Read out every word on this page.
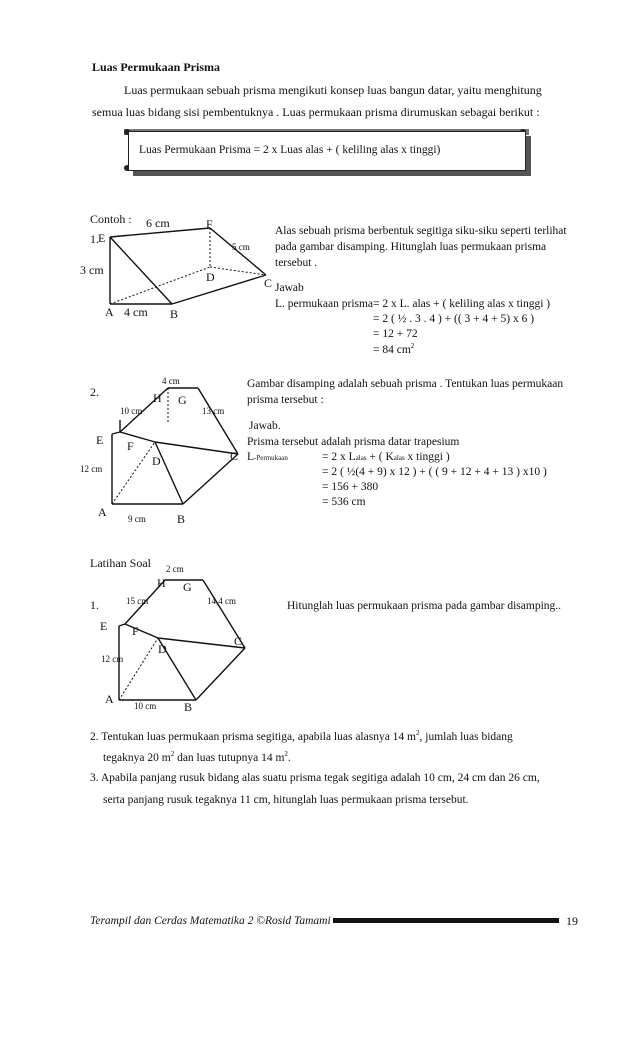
Luas Permukaan Prisma
Luas permukaan sebuah prisma mengikuti konsep luas bangun datar, yaitu menghitung
semua luas bidang sisi pembentuknya . Luas permukaan prisma dirumuskan sebagai berikut :
Luas Permukaan Prisma = 2 x Luas alas + ( keliling alas x tinggi)
Contoh :
1. E
F
D	C
A	B
6 cm
5 cm
3 cm
4 cm
Alas sebuah prisma berbentuk segitiga siku-siku seperti terlihat
pada gambar disamping. Hitunglah luas permukaan prisma
tersebut .
Jawab
L. permukaan prisma = 2 x L. alas + ( keliling alas x tinggi )
= 2 ( ½ . 3 . 4 ) + (( 3 + 4 + 5) x 6 )
= 12 + 72
= 84 $cm^2$
2.	H G
E F
D	C
A	B
4 cm
10 cm	13 cm
12 cm
9 cm
Gambar disamping adalah sebuah prisma . Tentukan luas permukaan
prisma tersebut :
Jawab.
Prisma tersebut adalah prisma datar trapesium
L-Permukaan	= 2 x Lalas + ( Kalas x tinggi )
= 2 ( ½(4 + 9) x 12 ) + ( ( 9 + 12 + 4 + 13 ) x10 )
= 156 + 380
= 536 cm
Latihan Soal
1.
H G
E F
D
C
A
B
2 cm
15 cm	14,4 cm
12 cm
10 cm
Hitunglah luas permukaan prisma pada gambar disamping..
2. Tentukan luas permukaan prisma segitiga, apabila luas alasnya 14 $m^2$, jumlah luas bidang
tegaknya 20 $m^2$ dan luas tutupnya 14 $m^2$.
3. Apabila panjang rusuk bidang alas suatu prisma tegak segitiga adalah 10 cm, 24 cm dan 26 cm,
serta panjang rusuk tegaknya 11 cm, hitunglah luas permukaan prisma tersebut.
Terampil dan Cerdas Matematika 2 ©Rosid Tamami	19
